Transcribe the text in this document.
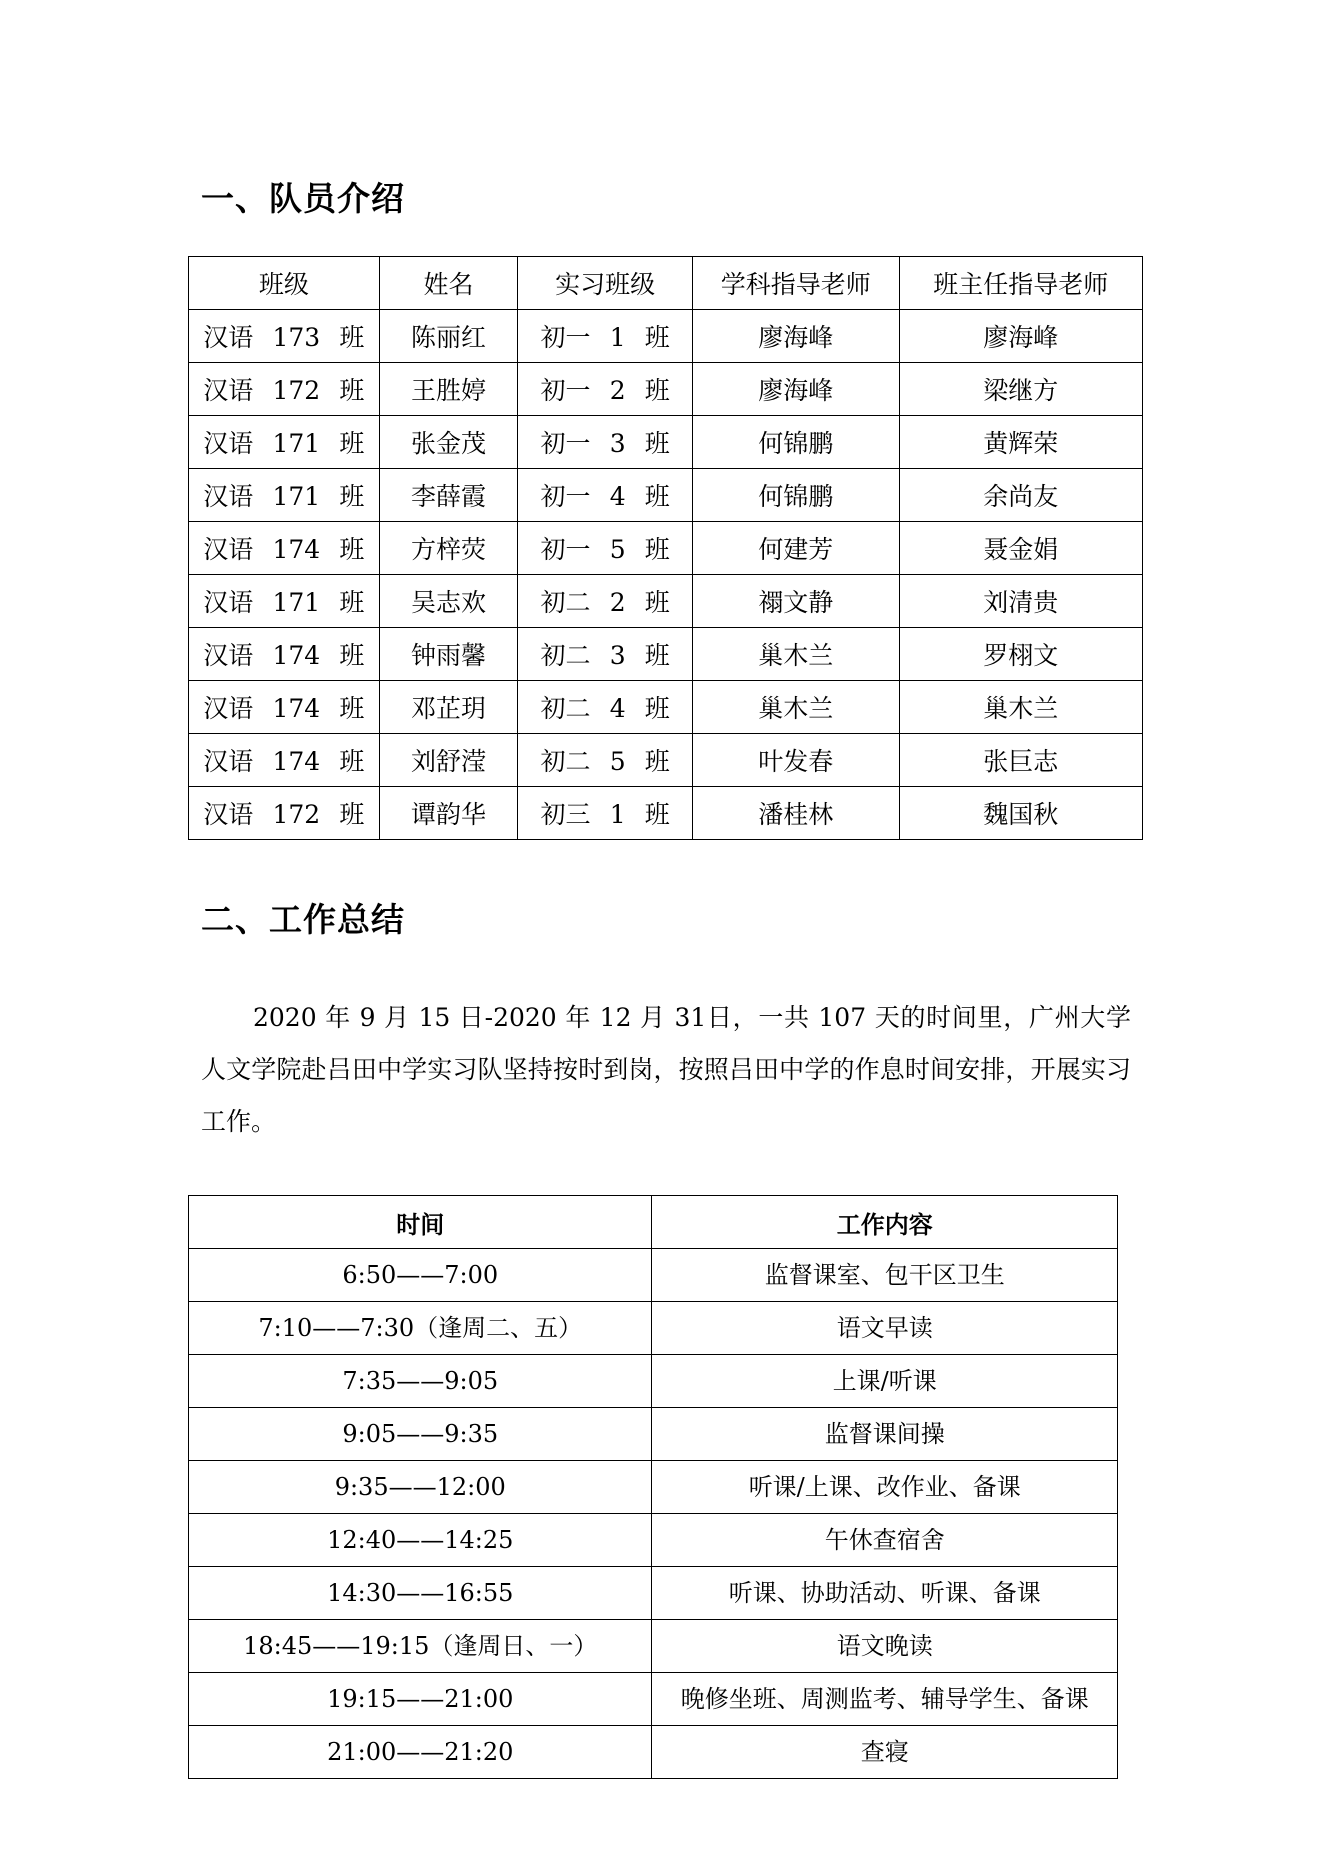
一、队员介绍
班级	姓名	实习班级	学科指导老师	班主任指导老师
汉语 173 班	陈丽红	初一 1 班	廖海峰	廖海峰
汉语 172 班	王胜婷	初一 2 班	廖海峰	梁继方
汉语 171 班	张金茂	初一 3 班	何锦鹏	黄辉荣
汉语 171 班	李薛霞	初一 4 班	何锦鹏	余尚友
汉语 174 班	方梓荧	初一 5 班	何建芳	聂金娟
汉语 171 班	吴志欢	初二 2 班	禤文静	刘清贵
汉语 174 班	钟雨馨	初二 3 班	巢木兰	罗栩文
汉语 174 班	邓芷玥	初二 4 班	巢木兰	巢木兰
汉语 174 班	刘舒滢	初二 5 班	叶发春	张巨志
汉语 172 班	谭韵华	初三 1 班	潘桂林	魏国秋
二、工作总结

2020 年 9 月 15 日-2020 年 12 月 31日，一共 107 天的时间里，广州大学人文学院赴吕田中学实习队坚持按时到岗，按照吕田中学的作息时间安排，开展实习工作。

时间	工作内容
6:50——7:00	监督课室、包干区卫生
7:10——7:30（逢周二、五）	语文早读
7:35——9:05	上课/听课
9:05——9:35	监督课间操
9:35——12:00	听课/上课、改作业、备课
12:40——14:25	午休查宿舍
14:30——16:55	听课、协助活动、听课、备课
18:45——19:15（逢周日、一）	语文晚读
19:15——21:00	晚修坐班、周测监考、辅导学生、备课
21:00——21:20	查寝
